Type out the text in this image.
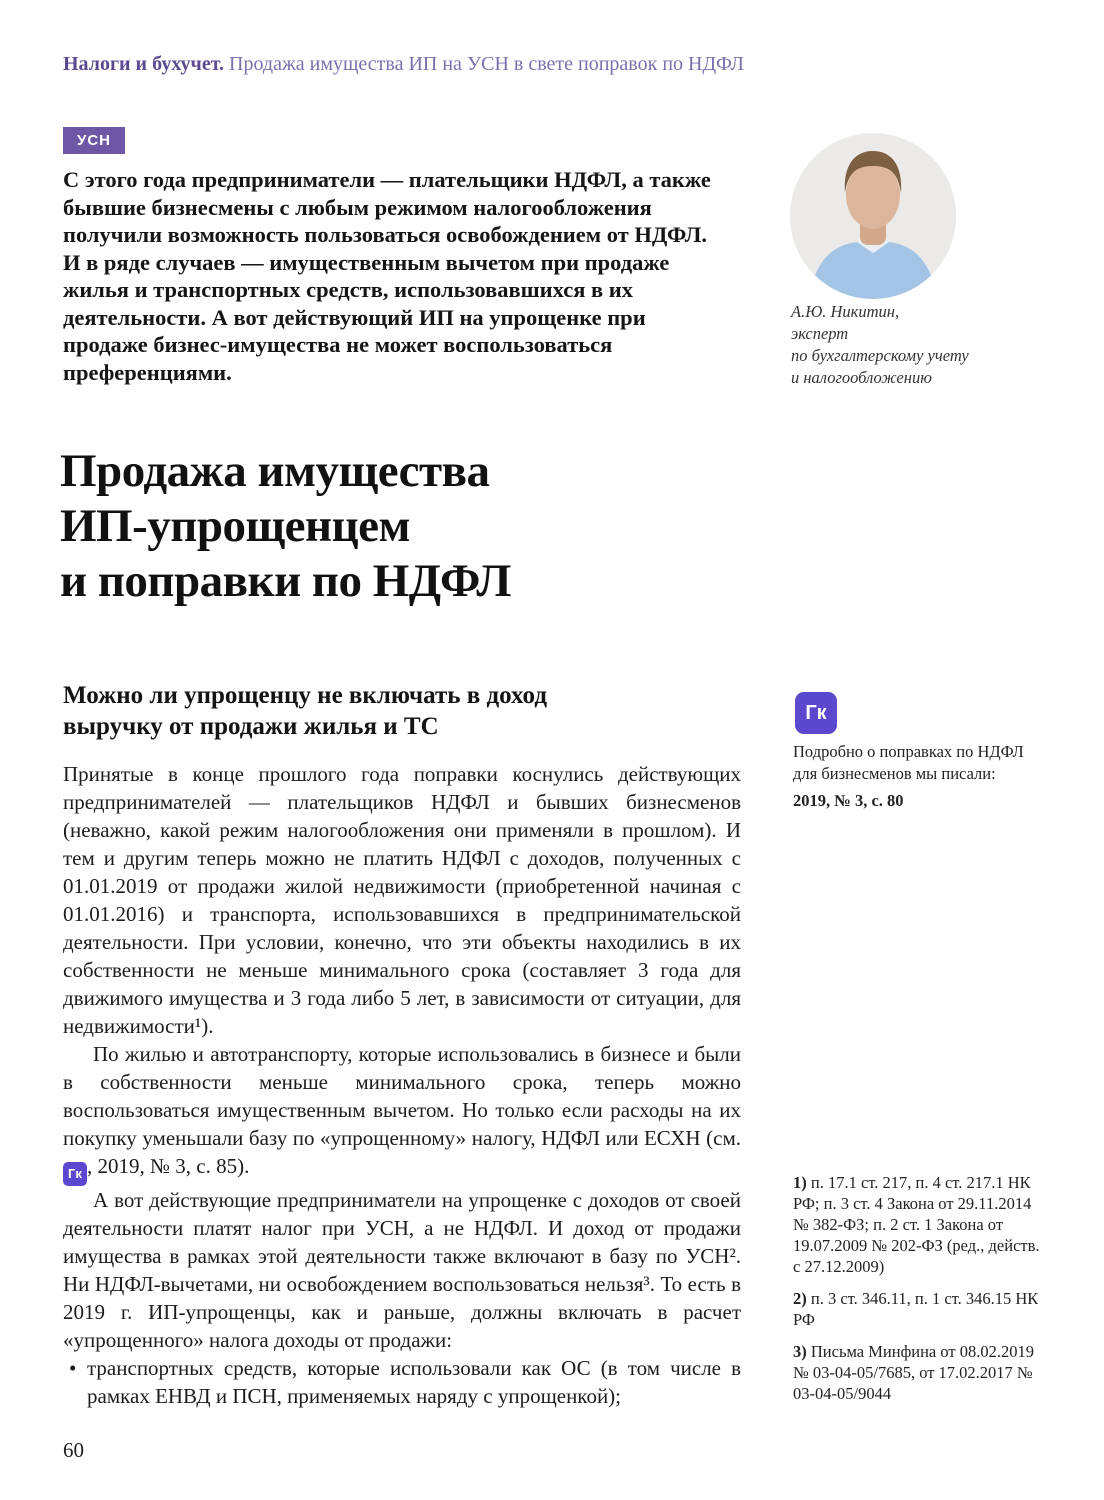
Налоги и бухучет. Продажа имущества ИП на УСН в свете поправок по НДФЛ
УСН
С этого года предприниматели — плательщики НДФЛ, а также бывшие бизнесмены с любым режимом налогообложения получили возможность пользоваться освобождением от НДФЛ. И в ряде случаев — имущественным вычетом при продаже жилья и транспортных средств, использовавшихся в их деятельности. А вот действующий ИП на упрощенке при продаже бизнес-имущества не может воспользоваться преференциями.
А.Ю. Никитин,
эксперт
по бухгалтерскому учету
и налогообложению
Продажа имущества
ИП-упрощенцем
и поправки по НДФЛ
Можно ли упрощенцу не включать в доход
выручку от продажи жилья и ТС
Гк
Подробно о поправках по НДФЛ
для бизнесменов мы писали:
2019, № 3, с. 80

Принятые в конце прошлого года поправки коснулись действующих предпринимателей — плательщиков НДФЛ и бывших бизнесменов (неважно, какой режим налогообложения они применяли в прошлом). И тем и другим теперь можно не платить НДФЛ с доходов, полученных с 01.01.2019 от продажи жилой недвижимости (приобретенной начиная с 01.01.2016) и транспорта, использовавшихся в предпринимательской деятельности. При условии, конечно, что эти объекты находились в их собственности не меньше минимального срока (составляет 3 года для движимого имущества и 3 года либо 5 лет, в зависимости от ситуации, для недвижимости¹).

По жилью и автотранспорту, которые использовались в бизнесе и были в собственности меньше минимального срока, теперь можно воспользоваться имущественным вычетом. Но только если расходы на их покупку уменьшали базу по «упрощенному» налогу, НДФЛ или ЕСХН (см. Гк , 2019, № 3, с. 85).

А вот действующие предприниматели на упрощенке с доходов от своей деятельности платят налог при УСН, а не НДФЛ. И доход от продажи имущества в рамках этой деятельности также включают в базу по УСН². Ни НДФЛ-вычетами, ни освобождением воспользоваться нельзя³. То есть в 2019 г. ИП-упрощенцы, как и раньше, должны включать в расчет «упрощенного» налога доходы от продажи:

• транспортных средств, которые использовали как ОС (в том числе в рамках ЕНВД и ПСН, применяемых наряду с упрощенкой);

1) п. 17.1 ст. 217, п. 4 ст. 217.1 НК РФ; п. 3 ст. 4 Закона от 29.11.2014 № 382-ФЗ; п. 2 ст. 1 Закона от 19.07.2009 № 202-ФЗ (ред., действ. с 27.12.2009)
2) п. 3 ст. 346.11, п. 1 ст. 346.15 НК РФ
3) Письма Минфина от 08.02.2019 № 03-04-05/7685, от 17.02.2017 № 03-04-05/9044
60
